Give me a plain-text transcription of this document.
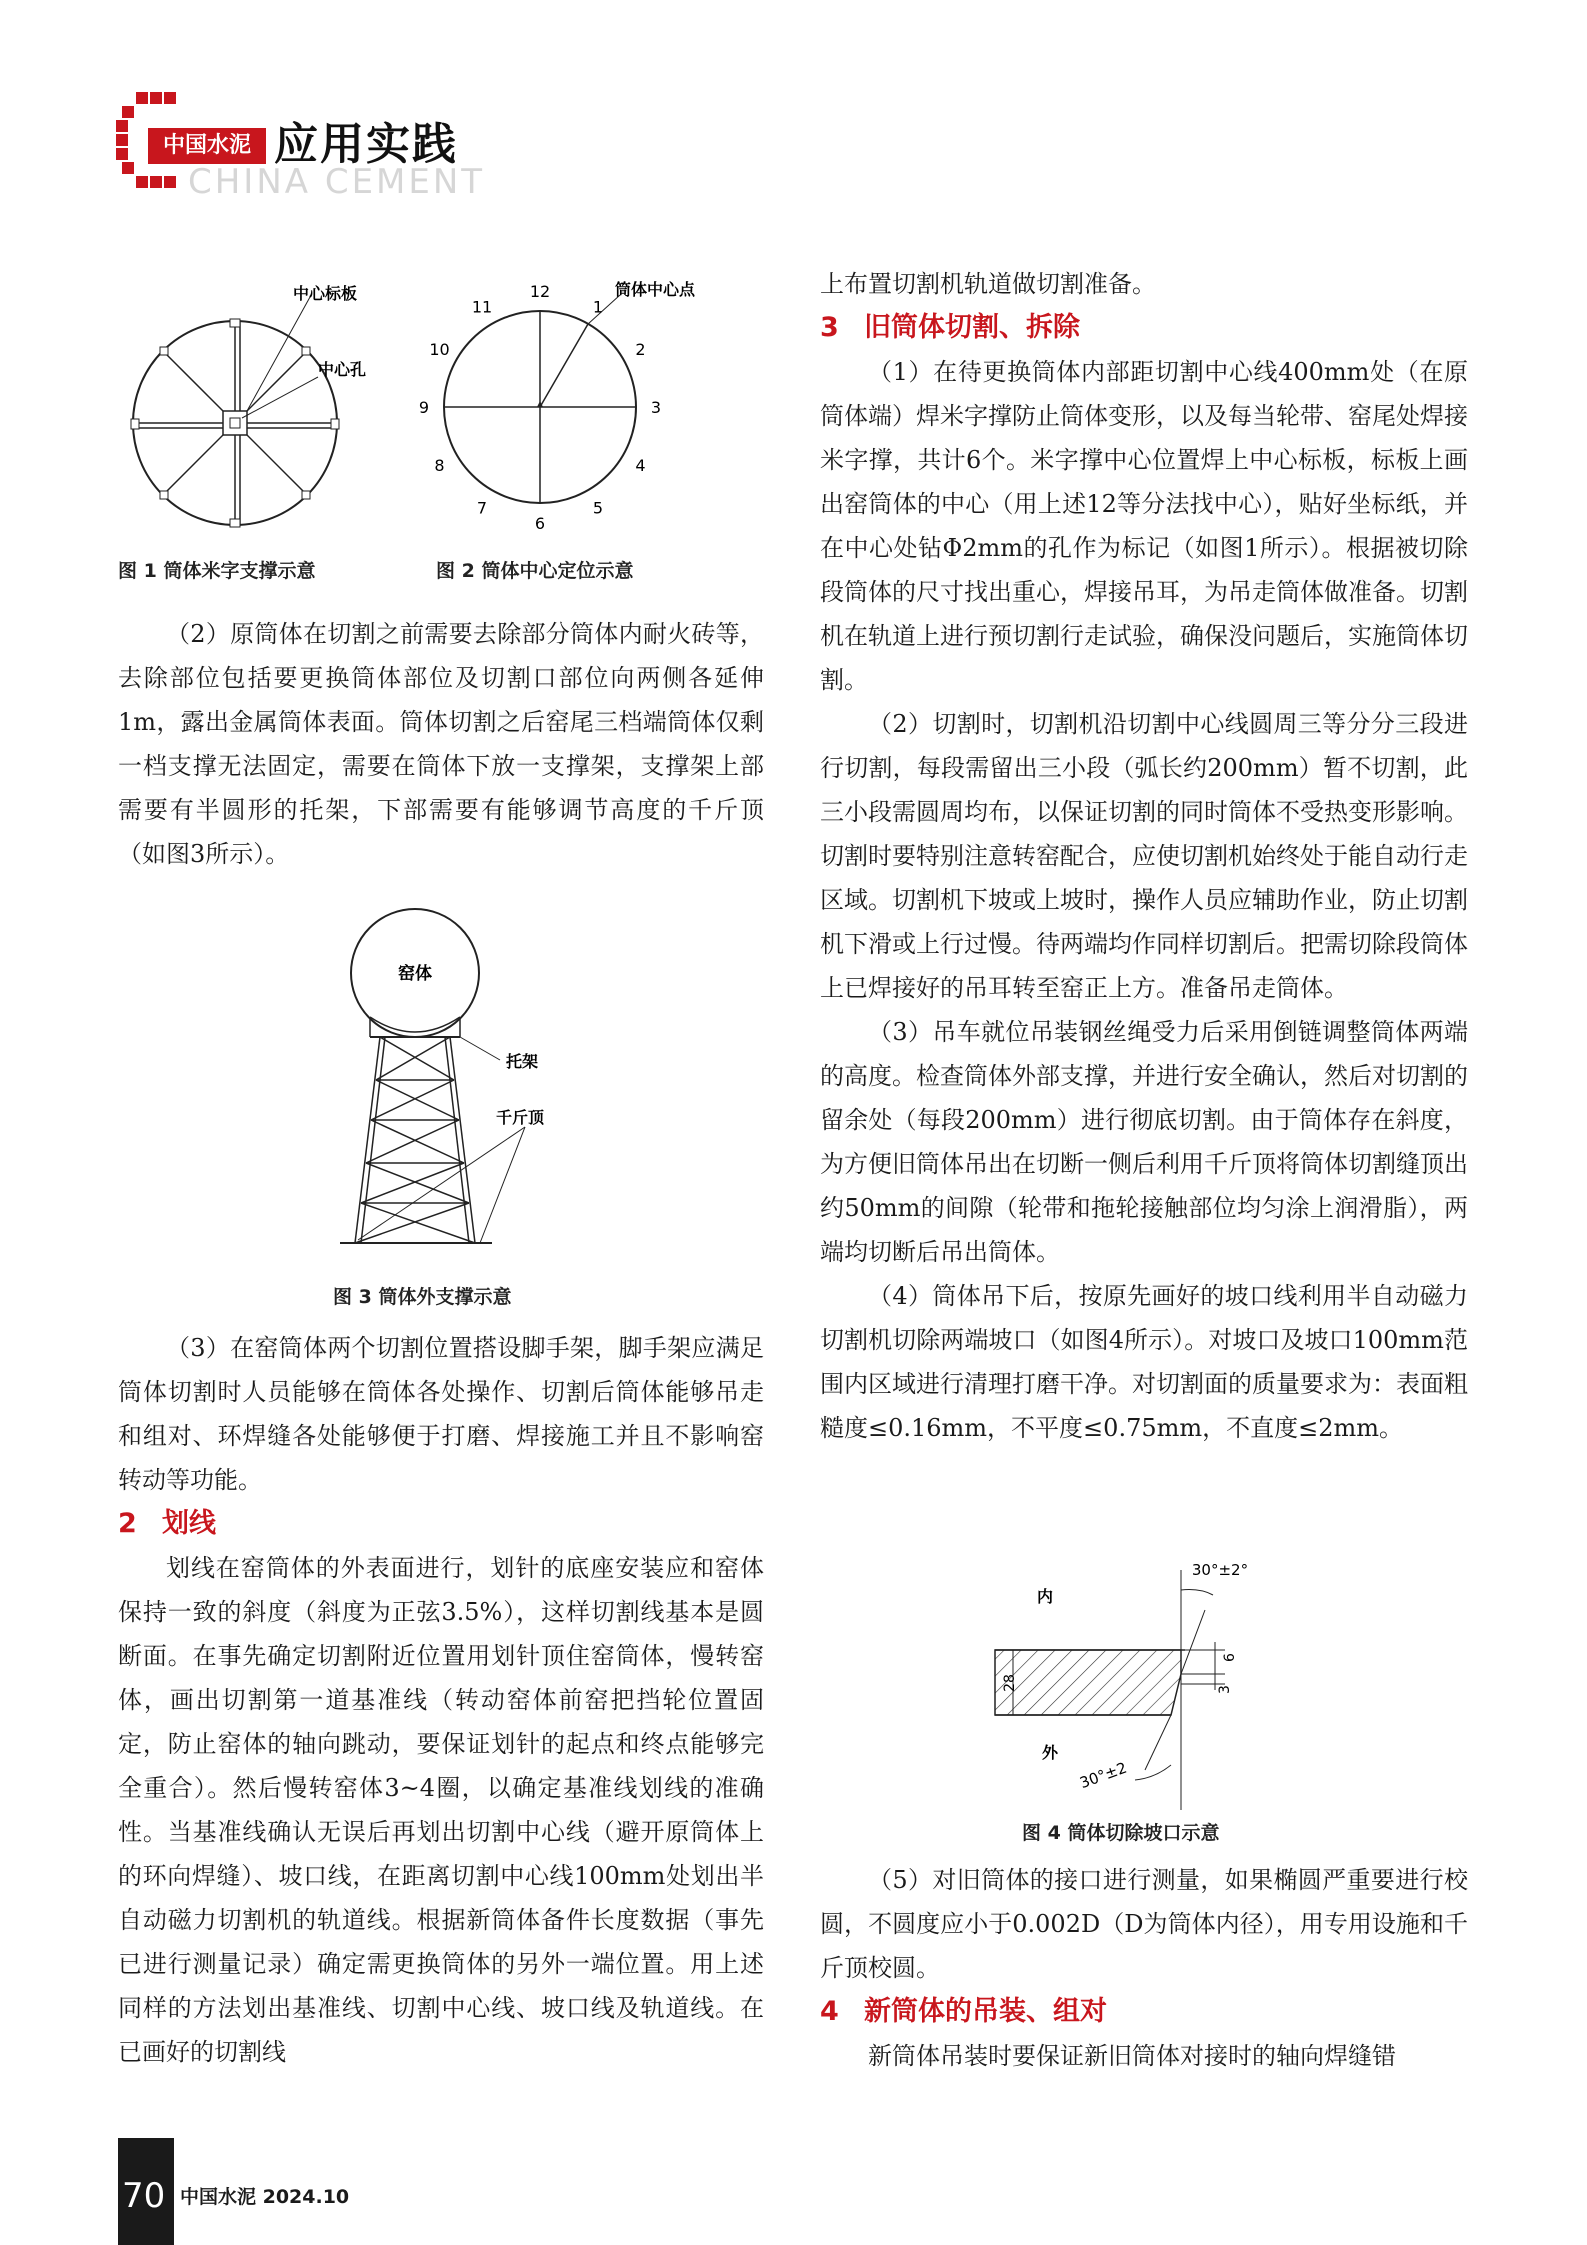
中国水泥 应用实践
CHINA CEMENT
中心标板
中心孔
图 1 筒体米字支撑示意
筒体中心点
1
2
3
4
5
6
7
8
9
10
11
12
图 2 筒体中心定位示意

（2）原筒体在切割之前需要去除部分筒体内耐火砖等，去除部位包括要更换筒体部位及切割口部位向两侧各延伸1m，露出金属筒体表面。筒体切割之后窑尾三档端筒体仅剩一档支撑无法固定，需要在筒体下放一支撑架，支撑架上部需要有半圆形的托架，下部需要有能够调节高度的千斤顶（如图3所示）。

窑体
托架
千斤顶
图 3 筒体外支撑示意

（3）在窑筒体两个切割位置搭设脚手架，脚手架应满足筒体切割时人员能够在筒体各处操作、切割后筒体能够吊走和组对、环焊缝各处能够便于打磨、焊接施工并且不影响窑转动等功能。

2 划线

划线在窑筒体的外表面进行，划针的底座安装应和窑体保持一致的斜度（斜度为正弦3.5%），这样切割线基本是圆断面。在事先确定切割附近位置用划针顶住窑筒体，慢转窑体，画出切割第一道基准线（转动窑体前窑把挡轮位置固定，防止窑体的轴向跳动，要保证划针的起点和终点能够完全重合）。然后慢转窑体3~4圈，以确定基准线划线的准确性。当基准线确认无误后再划出切割中心线（避开原筒体上的环向焊缝）、坡口线，在距离切割中心线100mm处划出半自动磁力切割机的轨道线。根据新筒体备件长度数据（事先已进行测量记录）确定需更换筒体的另外一端位置。用上述同样的方法划出基准线、切割中心线、坡口线及轨道线。在已画好的切割线

上布置切割机轨道做切割准备。

3 旧筒体切割、拆除

（1）在待更换筒体内部距切割中心线400mm处（在原筒体端）焊米字撑防止筒体变形，以及每当轮带、窑尾处焊接米字撑，共计6个。米字撑中心位置焊上中心标板，标板上画出窑筒体的中心（用上述12等分法找中心），贴好坐标纸，并在中心处钻Φ2mm的孔作为标记（如图1所示）。根据被切除段筒体的尺寸找出重心，焊接吊耳，为吊走筒体做准备。切割机在轨道上进行预切割行走试验，确保没问题后，实施筒体切割。

（2）切割时，切割机沿切割中心线圆周三等分分三段进行切割，每段需留出三小段（弧长约200mm）暂不切割，此三小段需圆周均布，以保证切割的同时筒体不受热变形影响。切割时要特别注意转窑配合，应使切割机始终处于能自动行走区域。切割机下坡或上坡时，操作人员应辅助作业，防止切割机下滑或上行过慢。待两端均作同样切割后。把需切除段筒体上已焊接好的吊耳转至窑正上方。准备吊走筒体。

（3）吊车就位吊装钢丝绳受力后采用倒链调整筒体两端的高度。检查筒体外部支撑，并进行安全确认，然后对切割的留余处（每段200mm）进行彻底切割。由于筒体存在斜度，为方便旧筒体吊出在切断一侧后利用千斤顶将筒体切割缝顶出约50mm的间隙（轮带和拖轮接触部位均匀涂上润滑脂），两端均切断后吊出筒体。

（4）筒体吊下后，按原先画好的坡口线利用半自动磁力切割机切除两端坡口（如图4所示）。对坡口及坡口100mm范围内区域进行清理打磨干净。对切割面的质量要求为：表面粗糙度≤0.16mm，不平度≤0.75mm，不直度≤2mm。

内
外
30°±2°
30°±2
28
6
3
图 4 筒体切除坡口示意

（5）对旧筒体的接口进行测量，如果椭圆严重要进行校圆，不圆度应小于0.002D（D为筒体内径），用专用设施和千斤顶校圆。

4 新筒体的吊装、组对

新筒体吊装时要保证新旧筒体对接时的轴向焊缝错

70 中国水泥 2024.10
